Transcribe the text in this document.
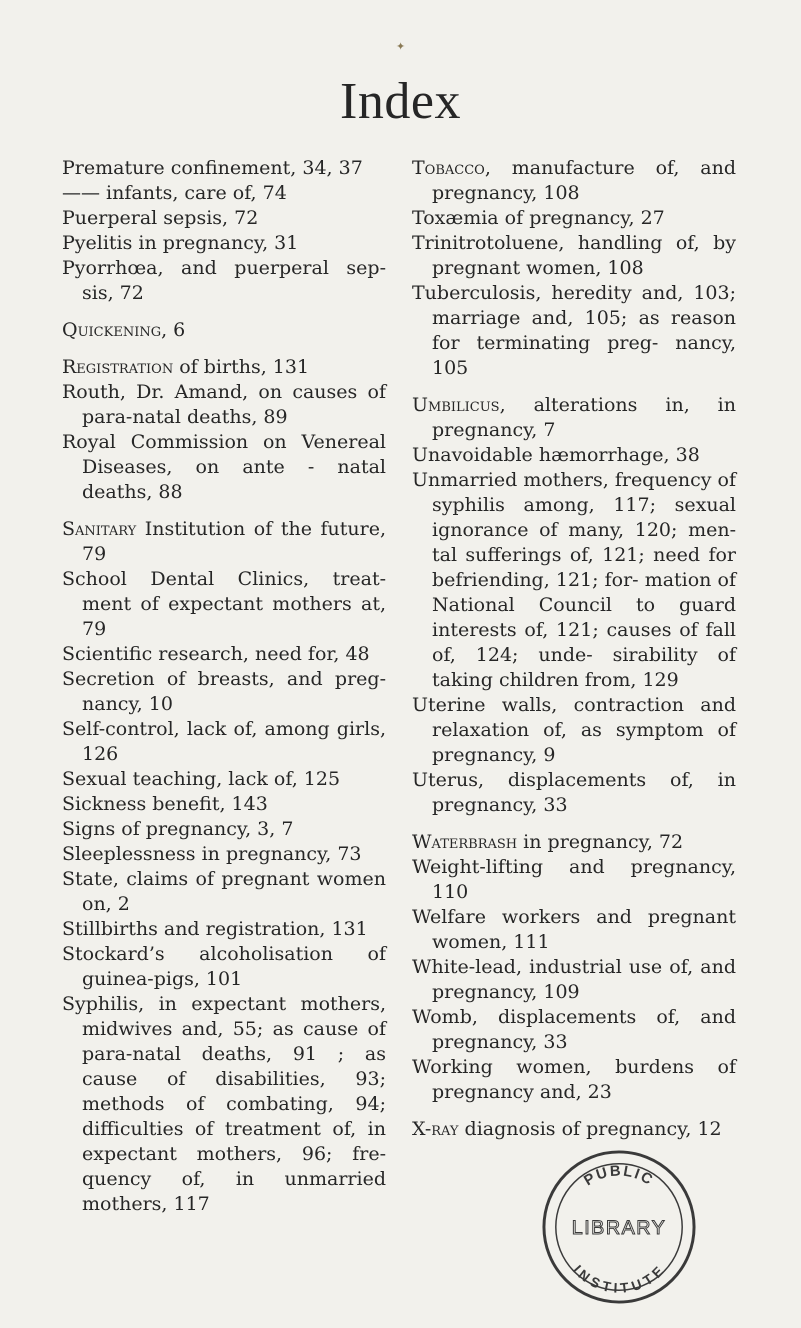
✦
Index
Premature confinement, 34, 37
—— infants, care of, 74
Puerperal sepsis, 72
Pyelitis in pregnancy, 31
Pyorrhœa, and puerperal sep- sis, 72
Quickening, 6
Registration of births, 131
Routh, Dr. Amand, on causes of para-natal deaths, 89
Royal Commission on Venereal Diseases, on ante - natal deaths, 88
Sanitary Institution of the future, 79
School Dental Clinics, treat- ment of expectant mothers at, 79
Scientific research, need for, 48
Secretion of breasts, and preg- nancy, 10
Self-control, lack of, among girls, 126
Sexual teaching, lack of, 125
Sickness benefit, 143
Signs of pregnancy, 3, 7
Sleeplessness in pregnancy, 73
State, claims of pregnant women on, 2
Stillbirths and registration, 131
Stockard’s alcoholisation of guinea-pigs, 101
Syphilis, in expectant mothers, midwives and, 55; as cause of para-natal deaths, 91 ; as cause of disabilities, 93; methods of combating, 94; difficulties of treatment of, in expectant mothers, 96; fre- quency of, in unmarried mothers, 117
Tobacco, manufacture of, and pregnancy, 108
Toxæmia of pregnancy, 27
Trinitrotoluene, handling of, by pregnant women, 108
Tuberculosis, heredity and, 103; marriage and, 105; as reason for terminating preg- nancy, 105
Umbilicus, alterations in, in pregnancy, 7
Unavoidable hæmorrhage, 38
Unmarried mothers, frequency of syphilis among, 117; sexual ignorance of many, 120; men- tal sufferings of, 121; need for befriending, 121; for- mation of National Council to guard interests of, 121; causes of fall of, 124; unde- sirability of taking children from, 129
Uterine walls, contraction and relaxation of, as symptom of pregnancy, 9
Uterus, displacements of, in pregnancy, 33
Waterbrash in pregnancy, 72
Weight-lifting and pregnancy, 110
Welfare workers and pregnant women, 111
White-lead, industrial use of, and pregnancy, 109
Womb, displacements of, and pregnancy, 33
Working women, burdens of pregnancy and, 23
X-ray diagnosis of pregnancy, 12
PUBLIC
LIBRARY
INSTITUTE
